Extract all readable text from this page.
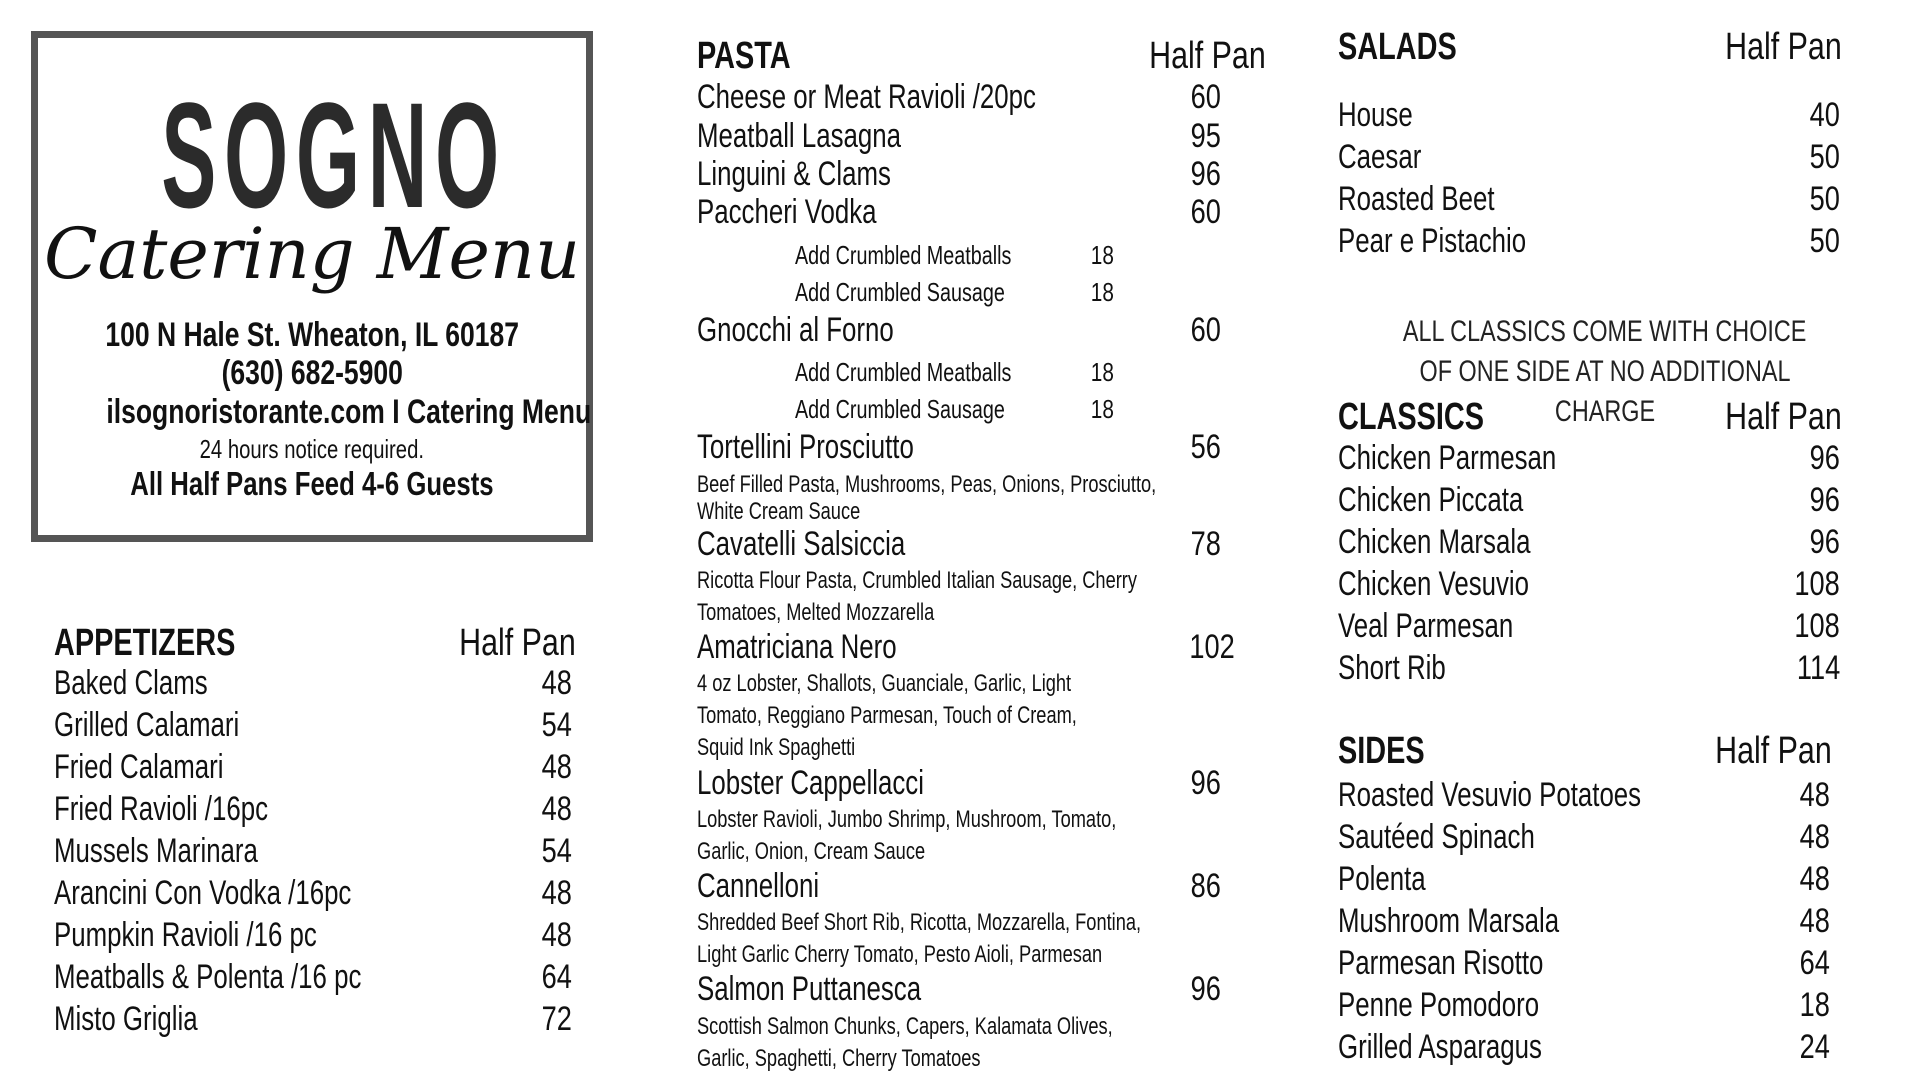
SOGNO
Catering Menu
100 N Hale St. Wheaton, IL 60187
(630) 682-5900
ilsognoristorante.com I Catering Menu
24 hours notice required.
All Half Pans Feed 4-6 Guests
APPETIZERS	Half Pan
Baked Clams	48
Grilled Calamari	54
Fried Calamari	48
Fried Ravioli /16pc	48
Mussels Marinara	54
Arancini Con Vodka /16pc	48
Pumpkin Ravioli /16 pc	48
Meatballs & Polenta /16 pc	64
Misto Griglia	72
PASTA	Half Pan
Cheese or Meat Ravioli /20pc	60
Meatball Lasagna	95
Linguini & Clams	96
Paccheri Vodka	60
Add Crumbled Meatballs	18
Add Crumbled Sausage	18
Gnocchi al Forno	60
Add Crumbled Meatballs	18
Add Crumbled Sausage	18
Tortellini Prosciutto	56
Beef Filled Pasta, Mushrooms, Peas, Onions, Prosciutto,
White Cream Sauce
Cavatelli Salsiccia	78
Ricotta Flour Pasta, Crumbled Italian Sausage, Cherry
Tomatoes, Melted Mozzarella
Amatriciana Nero	102
4 oz Lobster, Shallots, Guanciale, Garlic, Light
Tomato, Reggiano Parmesan, Touch of Cream,
Squid Ink Spaghetti
Lobster Cappellacci	96
Lobster Ravioli, Jumbo Shrimp, Mushroom, Tomato,
Garlic, Onion, Cream Sauce
Cannelloni	86
Shredded Beef Short Rib, Ricotta, Mozzarella, Fontina,
Light Garlic Cherry Tomato, Pesto Aioli, Parmesan
Salmon Puttanesca	96
Scottish Salmon Chunks, Capers, Kalamata Olives,
Garlic, Spaghetti, Cherry Tomatoes
SALADS	Half Pan
House	40
Caesar	50
Roasted Beet	50
Pear e Pistachio	50
ALL CLASSICS COME WITH CHOICE
OF ONE SIDE AT NO ADDITIONAL CHARGE
CLASSICS	Half Pan
Chicken Parmesan	96
Chicken Piccata	96
Chicken Marsala	96
Chicken Vesuvio	108
Veal Parmesan	108
Short Rib	114
SIDES	Half Pan
Roasted Vesuvio Potatoes	48
Sautéed Spinach	48
Polenta	48
Mushroom Marsala	48
Parmesan Risotto	64
Penne Pomodoro	18
Grilled Asparagus	24
